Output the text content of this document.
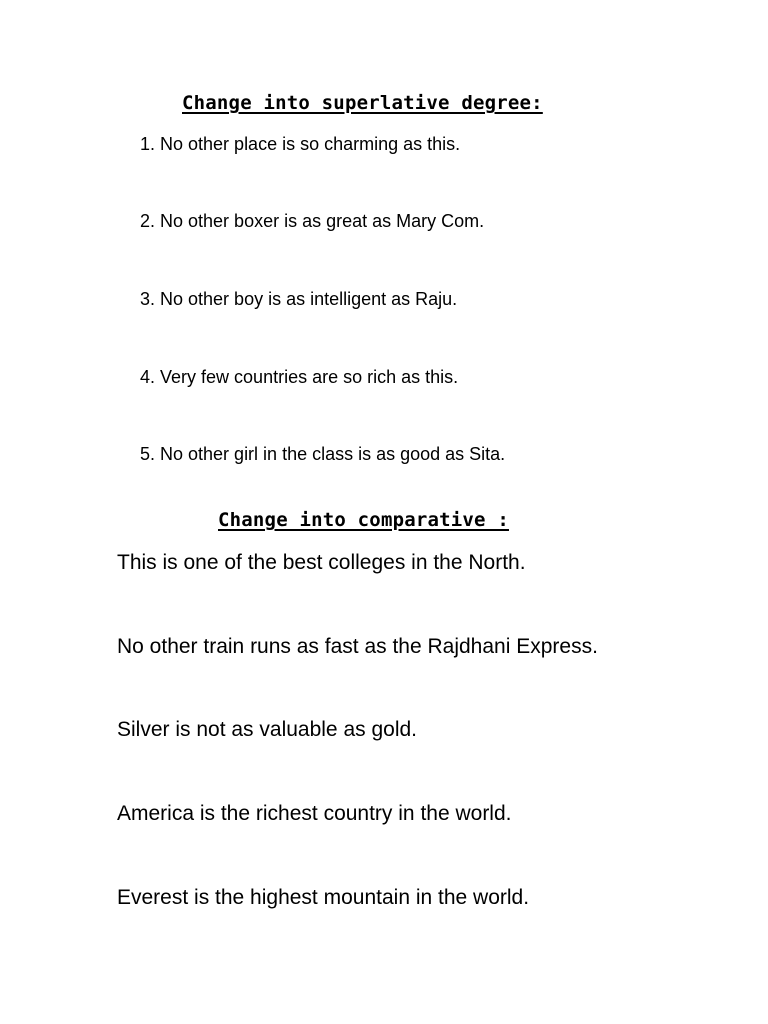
Change into superlative degree:
1. No other place is so charming as this.
2. No other boxer is as great as Mary Com.
3. No other boy is as intelligent as Raju.
4. Very few countries are so rich as this.
5. No other girl in the class is as good as Sita.
Change into comparative :
This is one of the best colleges in the North.
No other train runs as fast as the Rajdhani Express.
Silver is not as valuable as gold.
America is the richest country in the world.
Everest is the highest mountain in the world.
